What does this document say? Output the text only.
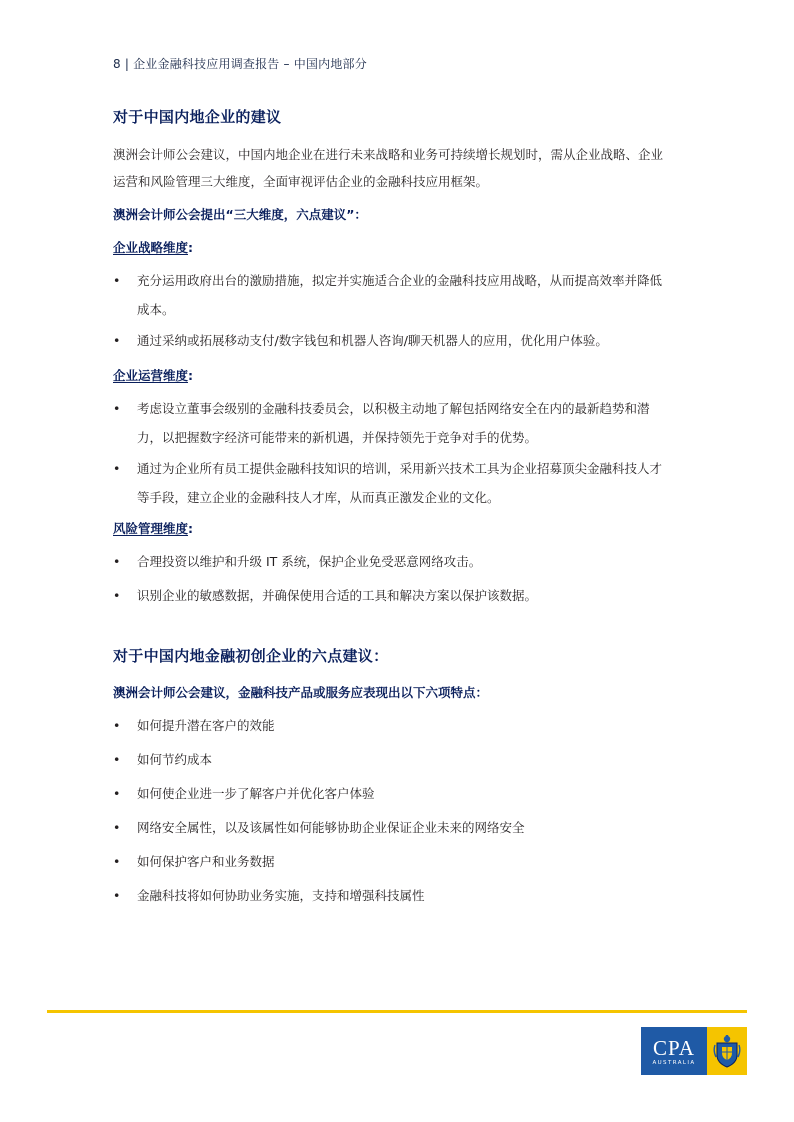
8 | 企业金融科技应用调查报告 – 中国内地部分
对于中国内地企业的建议
澳洲会计师公会建议，中国内地企业在进行未来战略和业务可持续增长规划时，需从企业战略、企业
运营和风险管理三大维度，全面审视评估企业的金融科技应用框架。
澳洲会计师公会提出“三大维度，六点建议”：
企业战略维度:
• 充分运用政府出台的激励措施，拟定并实施适合企业的金融科技应用战略，从而提高效率并降低
成本。
• 通过采纳或拓展移动支付/数字钱包和机器人咨询/聊天机器人的应用，优化用户体验。
企业运营维度:
• 考虑设立董事会级别的金融科技委员会，以积极主动地了解包括网络安全在内的最新趋势和潜
力，以把握数字经济可能带来的新机遇，并保持领先于竞争对手的优势。
• 通过为企业所有员工提供金融科技知识的培训，采用新兴技术工具为企业招募顶尖金融科技人才
等手段，建立企业的金融科技人才库，从而真正激发企业的文化。
风险管理维度:
• 合理投资以维护和升级 IT 系统，保护企业免受恶意网络攻击。
• 识别企业的敏感数据，并确保使用合适的工具和解决方案以保护该数据。
对于中国内地金融初创企业的六点建议：
澳洲会计师公会建议，金融科技产品或服务应表现出以下六项特点：
• 如何提升潜在客户的效能
• 如何节约成本
• 如何使企业进一步了解客户并优化客户体验
• 网络安全属性，以及该属性如何能够协助企业保证企业未来的网络安全
• 如何保护客户和业务数据
• 金融科技将如何协助业务实施，支持和增强科技属性
CPA
AUSTRALIA
